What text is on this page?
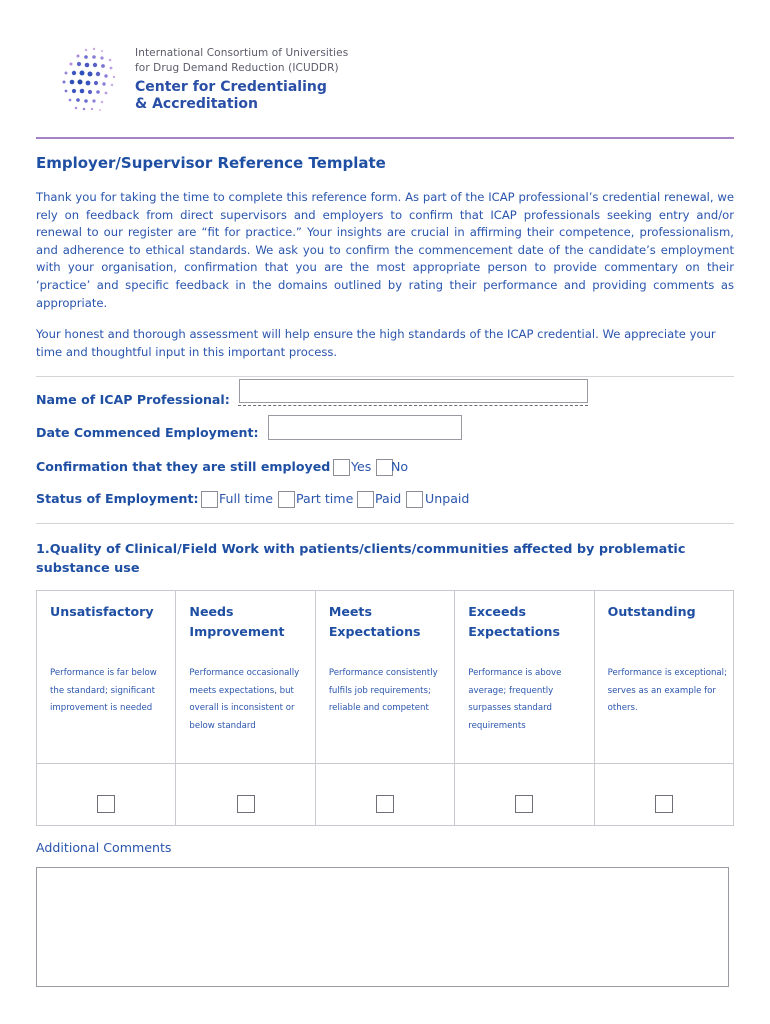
International Consortium of Universities
for Drug Demand Reduction (ICUDDR)
Center for Credentialing
& Accreditation
Employer/Supervisor Reference Template

Thank you for taking the time to complete this reference form. As part of the ICAP professional’s credential renewal, we rely on feedback from direct supervisors and employers to confirm that ICAP professionals seeking entry and/or renewal to our register are “fit for practice.” Your insights are crucial in affirming their competence, professionalism, and adherence to ethical standards. We ask you to confirm the commencement date of the candidate’s employment with your organisation, confirmation that you are the most appropriate person to provide commentary on their ‘practice’ and specific feedback in the domains outlined by rating their performance and providing comments as appropriate.

Your honest and thorough assessment will help ensure the high standards of the ICAP credential. We appreciate your time and thoughtful input in this important process.

Name of ICAP Professional:
Date Commenced Employment:
Confirmation that they are still employed Yes No
Status of Employment: Full time Part time Paid Unpaid

1.Quality of Clinical/Field Work with patients/clients/communities affected by problematic substance use

Unsatisfactory
Performance is far below the standard; significant improvement is needed
Needs Improvement
Performance occasionally meets expectations, but overall is inconsistent or below standard
Meets Expectations
Performance consistently fulfils job requirements; reliable and competent
Exceeds Expectations
Performance is above average; frequently surpasses standard requirements
Outstanding
Performance is exceptional; serves as an example for others.
Additional Comments
